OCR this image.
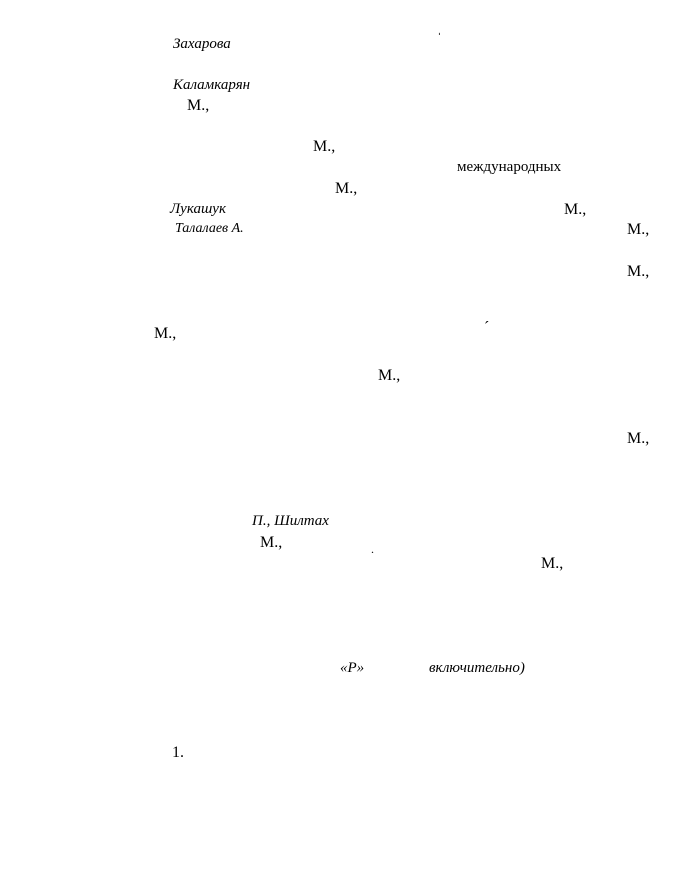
ˌ
Захарова
Каламкарян
М.,
М.,
международных
М.,
Лукашук	М.,
Талалаев А.	М.,
М.,
´
М.,
М.,
М.,
П., Шилтах
М.,	.
М.,
«Р»	включительно)
1.
